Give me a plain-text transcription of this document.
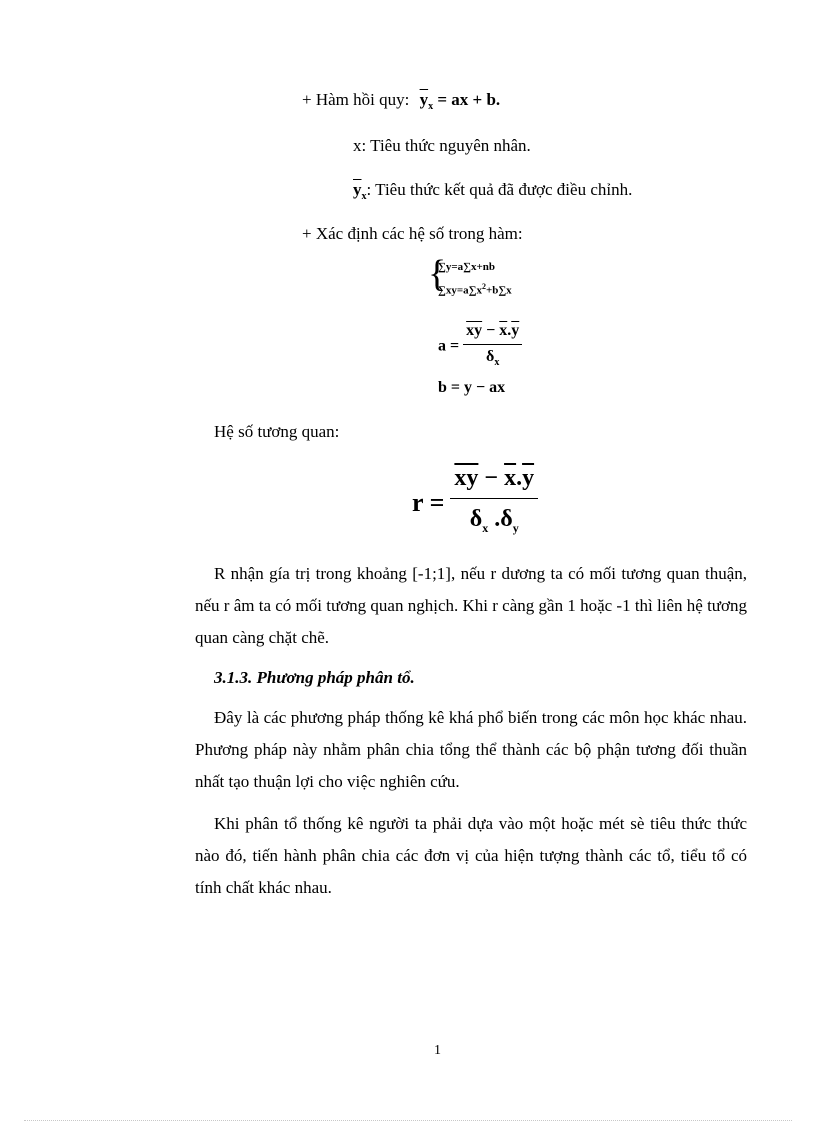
+ Hàm hồi quy: $\overline{y}_x$ = ax + b.
x: Tiêu thức nguyên nhân.
$\overline{y}_x$: Tiêu thức kết quả đã được điều chỉnh.
+ Xác định các hệ số trong hàm:
{
∑y=a∑x+nb
$\sum xy=a\sum x^2+b\sum x$
$a = \frac{\overline{xy} - \overline{x}.\overline{y}}{\delta_x}$
b = y − ax
Hệ số tương quan:
$r = \frac{\overline{xy} - \overline{x}.\overline{y}}{\delta_x .\delta_y}$

R nhận gía trị trong khoảng [-1;1], nếu r dương ta có mối tương quan thuận, nếu r âm ta có mối tương quan nghịch. Khi r càng gần 1 hoặc -1 thì liên hệ tương quan càng chặt chẽ.

3.1.3. Phương pháp phân tổ.

Đây là các phương pháp thống kê khá phổ biến trong các môn học khác nhau. Phương pháp này nhằm phân chia tổng thể thành các bộ phận tương đối thuần nhất tạo thuận lợi cho việc nghiên cứu.

Khi phân tổ thống kê người ta phải dựa vào một hoặc mét sè tiêu thức thức nào đó, tiến hành phân chia các đơn vị của hiện tượng thành các tổ, tiểu tổ có tính chất khác nhau.

1
